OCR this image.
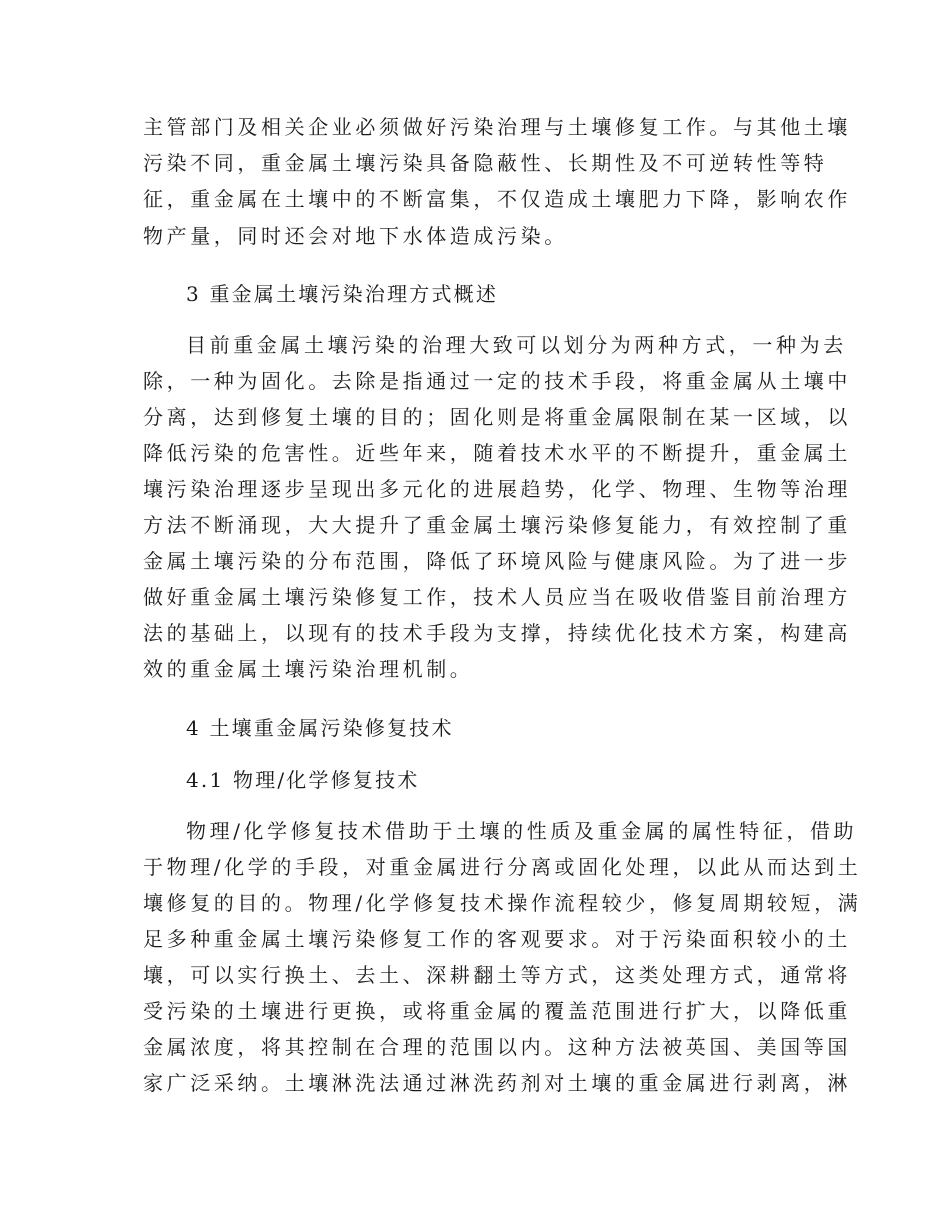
主管部门及相关企业必须做好污染治理与土壤修复工作。与其他土壤
污染不同，重金属土壤污染具备隐蔽性、长期性及不可逆转性等特
征，重金属在土壤中的不断富集，不仅造成土壤肥力下降，影响农作
物产量，同时还会对地下水体造成污染。
3 重金属土壤污染治理方式概述
目前重金属土壤污染的治理大致可以划分为两种方式，一种为去
除，一种为固化。去除是指通过一定的技术手段，将重金属从土壤中
分离，达到修复土壤的目的；固化则是将重金属限制在某一区域，以
降低污染的危害性。近些年来，随着技术水平的不断提升，重金属土
壤污染治理逐步呈现出多元化的进展趋势，化学、物理、生物等治理
方法不断涌现，大大提升了重金属土壤污染修复能力，有效控制了重
金属土壤污染的分布范围，降低了环境风险与健康风险。为了进一步
做好重金属土壤污染修复工作，技术人员应当在吸收借鉴目前治理方
法的基础上，以现有的技术手段为支撑，持续优化技术方案，构建高
效的重金属土壤污染治理机制。
4 土壤重金属污染修复技术
4.1 物理/化学修复技术
物理/化学修复技术借助于土壤的性质及重金属的属性特征，借助
于物理/化学的手段，对重金属进行分离或固化处理，以此从而达到土
壤修复的目的。物理/化学修复技术操作流程较少，修复周期较短，满
足多种重金属土壤污染修复工作的客观要求。对于污染面积较小的土
壤，可以实行换土、去土、深耕翻土等方式，这类处理方式，通常将
受污染的土壤进行更换，或将重金属的覆盖范围进行扩大，以降低重
金属浓度，将其控制在合理的范围以内。这种方法被英国、美国等国
家广泛采纳。土壤淋洗法通过淋洗药剂对土壤的重金属进行剥离，淋
